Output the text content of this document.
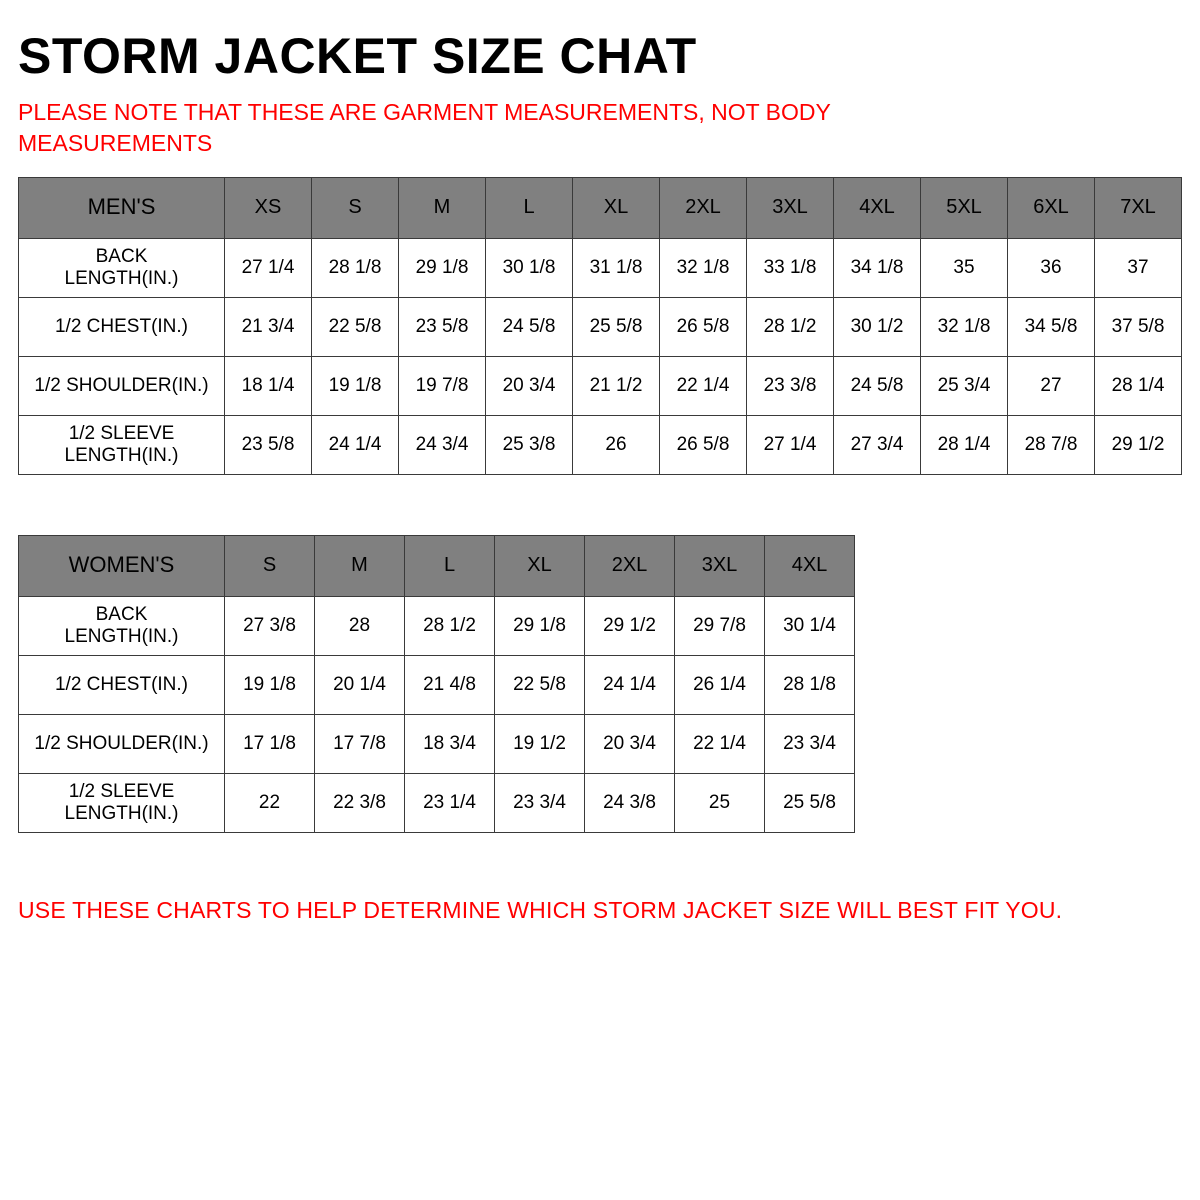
STORM JACKET SIZE CHAT

PLEASE NOTE THAT THESE ARE GARMENT MEASUREMENTS, NOT BODY MEASUREMENTS

MEN'S	XS	S	M	L	XL	2XL	3XL	4XL	5XL	6XL	7XL

BACK
LENGTH(IN.)	27 1/4	28 1/8	29 1/8	30 1/8	31 1/8	32 1/8	33 1/8	34 1/8	35	36	37
1/2 CHEST(IN.)	21 3/4	22 5/8	23 5/8	24 5/8	25 5/8	26 5/8	28 1/2	30 1/2	32 1/8	34 5/8	37 5/8
1/2 SHOULDER(IN.)	18 1/4	19 1/8	19 7/8	20 3/4	21 1/2	22 1/4	23 3/8	24 5/8	25 3/4	27	28 1/4

1/2 SLEEVE
LENGTH(IN.)	23 5/8	24 1/4	24 3/4	25 3/8	26	26 5/8	27 1/4	27 3/4	28 1/4	28 7/8	29 1/2
WOMEN'S	S	M	L	XL	2XL	3XL	4XL

BACK
LENGTH(IN.)	27 3/8	28	28 1/2	29 1/8	29 1/2	29 7/8	30 1/4
1/2 CHEST(IN.)	19 1/8	20 1/4	21 4/8	22 5/8	24 1/4	26 1/4	28 1/8
1/2 SHOULDER(IN.)	17 1/8	17 7/8	18 3/4	19 1/2	20 3/4	22 1/4	23 3/4

1/2 SLEEVE
LENGTH(IN.)	22	22 3/8	23 1/4	23 3/4	24 3/8	25	25 5/8

USE THESE CHARTS TO HELP DETERMINE WHICH STORM JACKET SIZE WILL BEST FIT YOU.
